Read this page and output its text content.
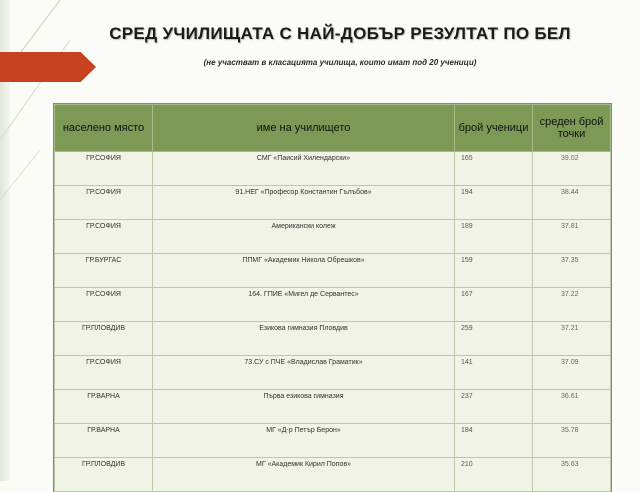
СРЕД УЧИЛИЩАТА С НАЙ-ДОБЪР РЕЗУЛТАТ ПО БЕЛ
(не участват в класацията училища, които имат под 20 ученици)
населено място	име на училището	брой ученици	среден брой точки
ГР.СОФИЯ	СМГ «Паисий Хилендарски»	165	39.02
ГР.СОФИЯ	91.НЕГ «Професор Константин Гълъбов»	194	38.44
ГР.СОФИЯ	Американски колеж	189	37.81
ГР.БУРГАС	ППМГ «Академик Никола Обрешков»	159	37.35
ГР.СОФИЯ	164. ГПИЕ «Мигел де Сервантес»	167	37.22
ГР.ПЛОВДИВ	Езикова гимназия Пловдив	259	37.21
ГР.СОФИЯ	73.СУ с ПЧЕ «Владислав Граматик»	141	37.09
ГР.ВАРНА	Първа езикова гимназия	237	36.61
ГР.ВАРНА	МГ «Д-р Петър Берон»	184	35.78
ГР.ПЛОВДИВ	МГ «Академик Кирил Попов»	210	35.63
